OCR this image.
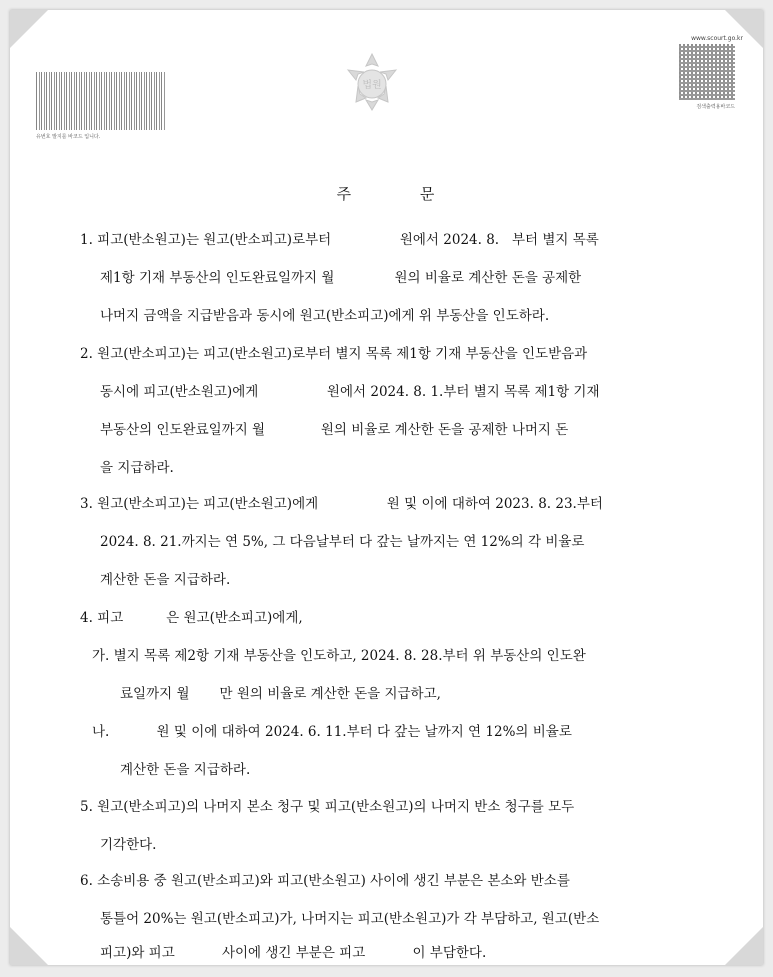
유번호 발지를 바코드 입니다.
법원
www.scourt.go.kr
검색출력용바코드
주	문
1. 피고(반소원고)는 원고(반소피고)로부터                원에서 2024. 8.   부터 별지 목록
제1항 기재 부동산의 인도완료일까지 월              원의 비율로 계산한 돈을 공제한
나머지 금액을 지급받음과 동시에 원고(반소피고)에게 위 부동산을 인도하라.
2. 원고(반소피고)는 피고(반소원고)로부터 별지 목록 제1항 기재 부동산을 인도받음과
동시에 피고(반소원고)에게                원에서 2024. 8. 1.부터 별지 목록 제1항 기재
부동산의 인도완료일까지 월             원의 비율로 계산한 돈을 공제한 나머지 돈
을 지급하라.
3. 원고(반소피고)는 피고(반소원고)에게                원 및 이에 대하여 2023. 8. 23.부터
2024. 8. 21.까지는 연 5%, 그 다음날부터 다 갚는 날까지는 연 12%의 각 비율로
계산한 돈을 지급하라.
4. 피고          은 원고(반소피고)에게,
가. 별지 목록 제2항 기재 부동산을 인도하고, 2024. 8. 28.부터 위 부동산의 인도완
료일까지 월       만 원의 비율로 계산한 돈을 지급하고,
나.           원 및 이에 대하여 2024. 6. 11.부터 다 갚는 날까지 연 12%의 비율로
계산한 돈을 지급하라.
5. 원고(반소피고)의 나머지 본소 청구 및 피고(반소원고)의 나머지 반소 청구를 모두
기각한다.
6. 소송비용 중 원고(반소피고)와 피고(반소원고) 사이에 생긴 부분은 본소와 반소를
통틀어 20%는 원고(반소피고)가, 나머지는 피고(반소원고)가 각 부담하고, 원고(반소
피고)와 피고           사이에 생긴 부분은 피고           이 부담한다.
